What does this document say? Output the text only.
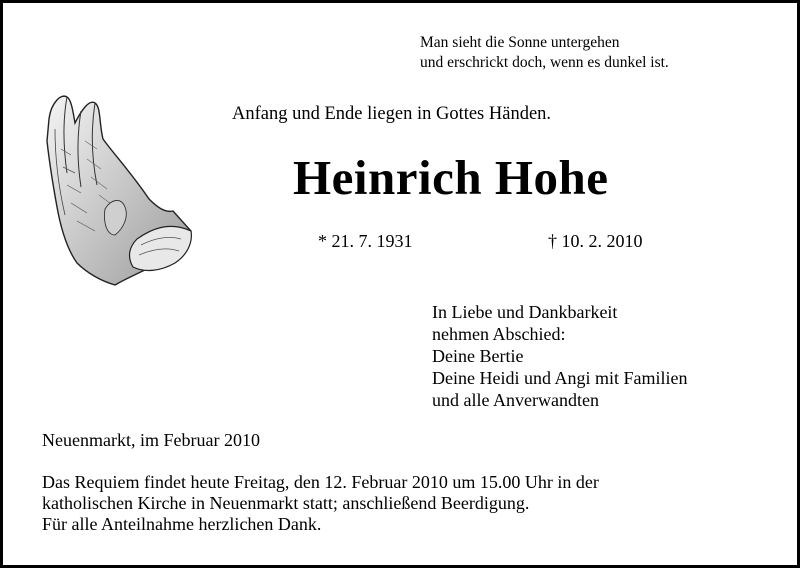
Man sieht die Sonne untergehen
und erschrickt doch, wenn es dunkel ist.
Anfang und Ende liegen in Gottes Händen.
Heinrich Hohe
* 21. 7. 1931	† 10. 2. 2010
In Liebe und Dankbarkeit
nehmen Abschied:
Deine Bertie
Deine Heidi und Angi mit Familien
und alle Anverwandten
Neuenmarkt, im Februar 2010
Das Requiem findet heute Freitag, den 12. Februar 2010 um 15.00 Uhr in der
katholischen Kirche in Neuenmarkt statt; anschließend Beerdigung.
Für alle Anteilnahme herzlichen Dank.
